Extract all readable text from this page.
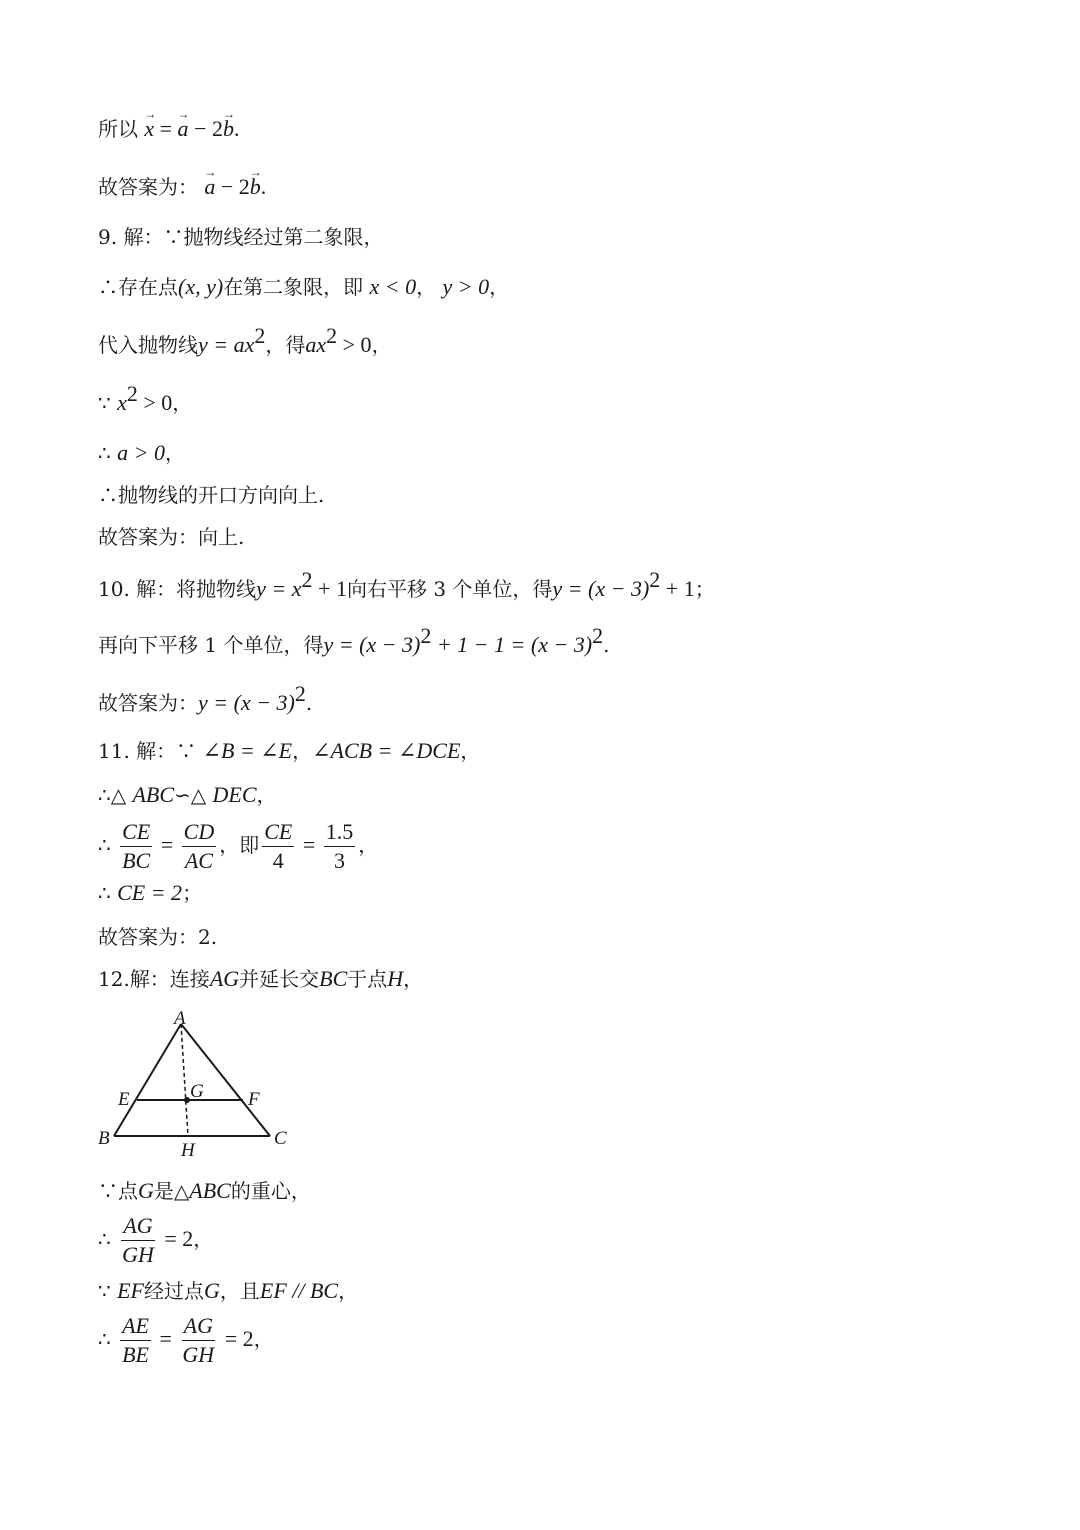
所以 → x = → a − 2→ b.
故答案为： → a − 2→ b.
9. 解：∵抛物线经过第二象限，
∴存在点(x, y)在第二象限，即 x < 0， y > 0，
代入抛物线$y = ax^2$，得$ax^2 > 0$，
∵ $x^2 > 0$，
∴ a > 0，
∴抛物线的开口方向向上.
故答案为：向上.
10. 解：将抛物线$y = x^2 + 1$向右平移 3 个单位，得$y = (x - 3)^2 + 1$；
再向下平移 1 个单位，得$y = (x - 3)^2 + 1 - 1 = (x - 3)^2$.
故答案为：$y = (x - 3)^2$.
11. 解：∵ ∠B = ∠E，∠ACB = ∠DCE，
∴△ ABC∽△ DEC，
∴ $\frac{CE}{BC} = \frac{CD}{AC}$ ，即 $\frac{CE}{4} = \frac{1.5}{3}$ ，
∴ CE = 2；
故答案为：2.
12.解：连接AG并延长交BC于点H，
A
E	G F
B
H
C
∵点G是△ABC的重心，
∴ $\frac{AG}{GH} = 2$，
∵ EF经过点G，且EF // BC，
∴ $\frac{AE}{BE} = \frac{AG}{GH} = 2$，
